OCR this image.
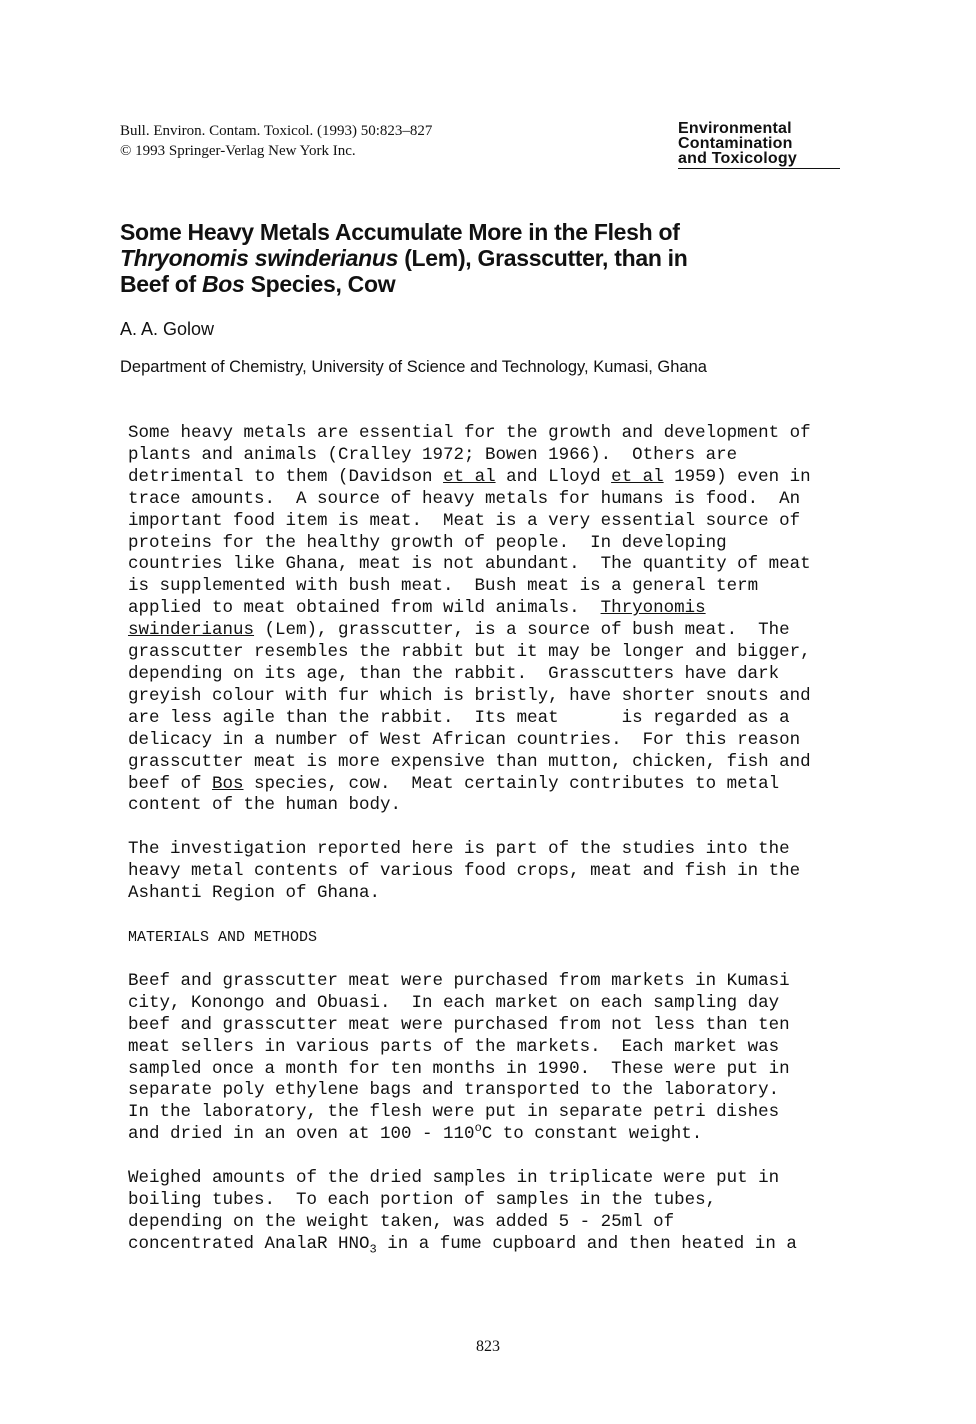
Bull. Environ. Contam. Toxicol. (1993) 50:823–827
© 1993 Springer-Verlag New York Inc.
Environmental
Contamination
and Toxicology
Some Heavy Metals Accumulate More in the Flesh of
Thryonomis swinderianus (Lem), Grasscutter, than in
Beef of Bos Species, Cow
A. A. Golow
Department of Chemistry, University of Science and Technology, Kumasi, Ghana

Some heavy metals are essential for the growth and development of
plants and animals (Cralley 1972; Bowen 1966).  Others are
detrimental to them (Davidson et al and Lloyd et al 1959) even in
trace amounts.  A source of heavy metals for humans is food.  An
important food item is meat.  Meat is a very essential source of
proteins for the healthy growth of people.  In developing
countries like Ghana, meat is not abundant.  The quantity of meat
is supplemented with bush meat.  Bush meat is a general term
applied to meat obtained from wild animals.  Thryonomis
swinderianus (Lem), grasscutter, is a source of bush meat.  The
grasscutter resembles the rabbit but it may be longer and bigger,
depending on its age, than the rabbit.  Grasscutters have dark
greyish colour with fur which is bristly, have shorter snouts and
are less agile than the rabbit.  Its meat      is regarded as a
delicacy in a number of West African countries.  For this reason
grasscutter meat is more expensive than mutton, chicken, fish and
beef of Bos species, cow.  Meat certainly contributes to metal
content of the human body.

The investigation reported here is part of the studies into the
heavy metal contents of various food crops, meat and fish in the
Ashanti Region of Ghana.

MATERIALS AND METHODS

Beef and grasscutter meat were purchased from markets in Kumasi
city, Konongo and Obuasi.  In each market on each sampling day
beef and grasscutter meat were purchased from not less than ten
meat sellers in various parts of the markets.  Each market was
sampled once a month for ten months in 1990.  These were put in
separate poly ethylene bags and transported to the laboratory.
In the laboratory, the flesh were put in separate petri dishes
and dried in an oven at 100 - 110$^o$C to constant weight.

Weighed amounts of the dried samples in triplicate were put in
boiling tubes.  To each portion of samples in the tubes,
depending on the weight taken, was added 5 - 25ml of
concentrated AnalaR $HNO_3$ in a fume cupboard and then heated in a

823
